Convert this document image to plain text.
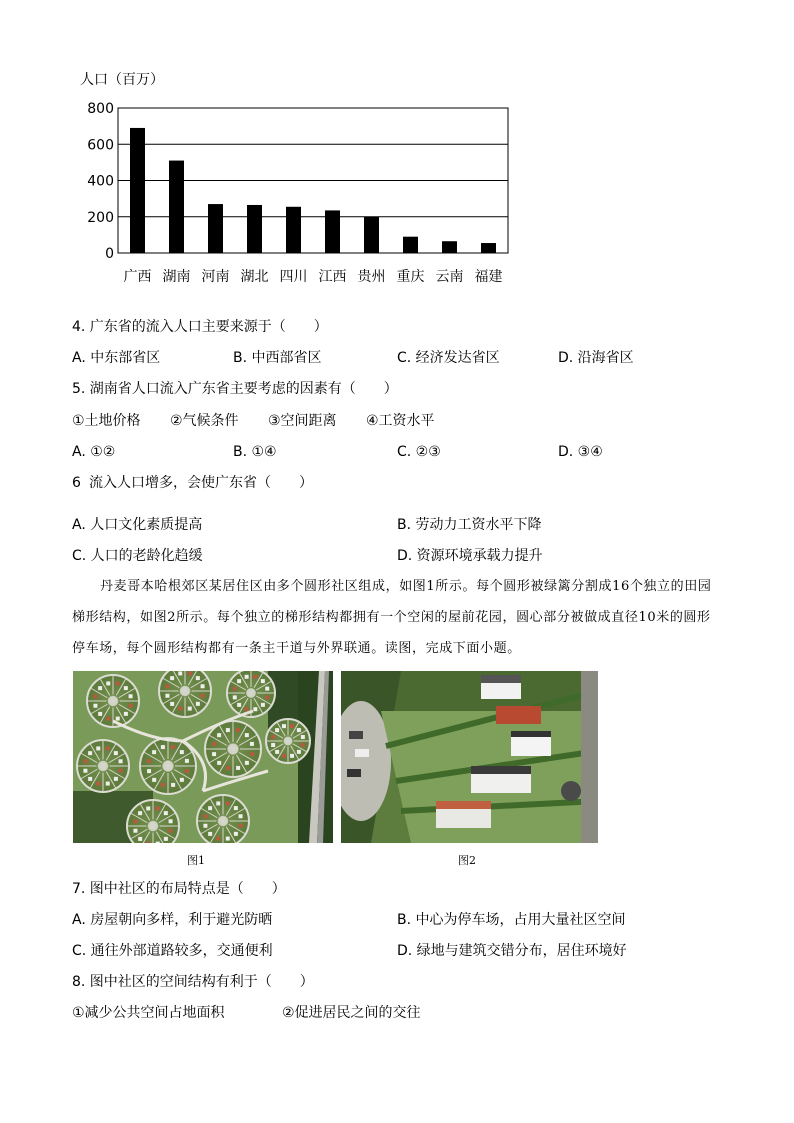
人口（百万）
0
200
400
600
800
广西 湖南 河南 湖北 四川 江西 贵州 重庆 云南 福建
4. 广东省的流入人口主要来源于（　　）
A. 中东部省区	B. 中西部省区	C. 经济发达省区	D. 沿海省区
5. 湖南省人口流入广东省主要考虑的因素有（　　）
①土地价格 ②气候条件 ③空间距离 ④工资水平
A. ①②	B. ①④	C. ②③	D. ③④
6 流入人口增多，会使广东省（　　）
A. 人口文化素质提高	B. 劳动力工资水平下降
C. 人口的老龄化趋缓	D. 资源环境承载力提升
丹麦哥本哈根郊区某居住区由多个圆形社区组成，如图1所示。每个圆形被绿篱分割成16个独立的田园梯形结构，如图2所示。每个独立的梯形结构都拥有一个空闲的屋前花园，圆心部分被做成直径10米的圆形停车场，每个圆形结构都有一条主干道与外界联通。读图，完成下面小题。
图1	图2
7. 图中社区的布局特点是（　　）
A. 房屋朝向多样，利于避光防晒	B. 中心为停车场，占用大量社区空间
C. 通往外部道路较多，交通便利	D. 绿地与建筑交错分布，居住环境好
8. 图中社区的空间结构有利于（　　）
①减少公共空间占地面积	②促进居民之间的交往
